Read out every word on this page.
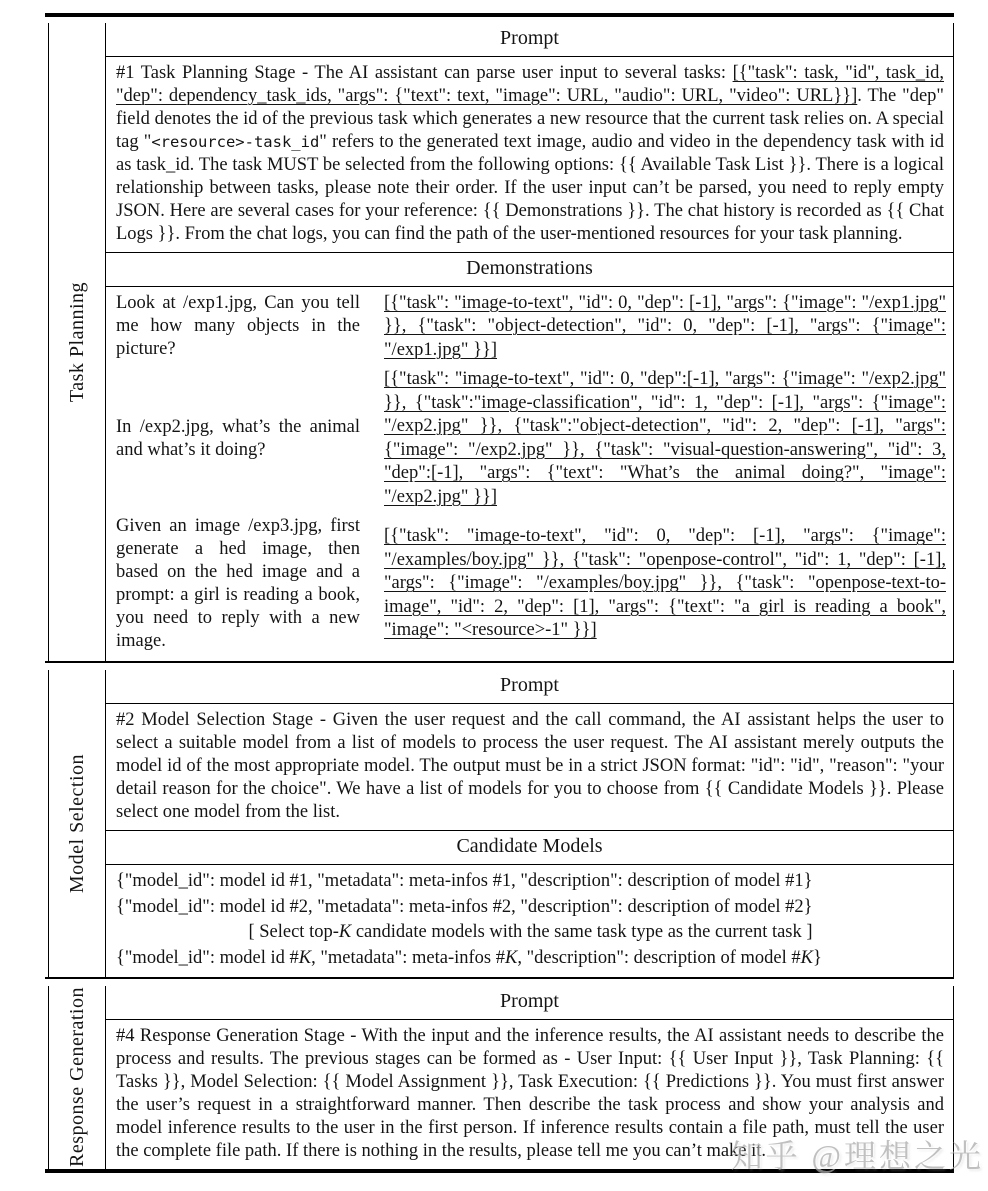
Task Planning
Prompt
#1 Task Planning Stage - The AI assistant can parse user input to several tasks: [{"task": task, "id", task_id, "dep": dependency_task_ids, "args": {"text": text, "image": URL, "audio": URL, "video": URL}}]. The "dep" field denotes the id of the previous task which generates a new resource that the current task relies on. A special tag "<resource>-task_id" refers to the generated text image, audio and video in the dependency task with id as task_id. The task MUST be selected from the following options: {{ Available Task List }}. There is a logical relationship between tasks, please note their order. If the user input can’t be parsed, you need to reply empty JSON. Here are several cases for your reference: {{ Demonstrations }}. The chat history is recorded as {{ Chat Logs }}. From the chat logs, you can find the path of the user-mentioned resources for your task planning.
Demonstrations
Look at /exp1.jpg, Can you tell me how many objects in the picture?
[{"task": "image-to-text", "id": 0, "dep": [-1], "args": {"image": "/exp1.jpg" }}, {"task": "object-detection", "id": 0, "dep": [-1], "args": {"image": "/exp1.jpg" }}]
In /exp2.jpg, what’s the animal and what’s it doing?
[{"task": "image-to-text", "id": 0, "dep":[-1], "args": {"image": "/exp2.jpg" }}, {"task":"image-classification", "id": 1, "dep": [-1], "args": {"image": "/exp2.jpg" }}, {"task":"object-detection", "id": 2, "dep": [-1], "args": {"image": "/exp2.jpg" }}, {"task": "visual-question-answering", "id": 3, "dep":[-1], "args": {"text": "What’s the animal doing?", "image": "/exp2.jpg" }}]
Given an image /exp3.jpg, first generate a hed image, then based on the hed image and a prompt: a girl is reading a book, you need to reply with a new image.
[{"task": "image-to-text", "id": 0, "dep": [-1], "args": {"image": "/examples/boy.jpg" }}, {"task": "openpose-control", "id": 1, "dep": [-1], "args": {"image": "/examples/boy.jpg" }}, {"task": "openpose-text-to-image", "id": 2, "dep": [1], "args": {"text": "a girl is reading a book", "image": "<resource>-1" }}]
Model Selection
Prompt
#2 Model Selection Stage - Given the user request and the call command, the AI assistant helps the user to select a suitable model from a list of models to process the user request. The AI assistant merely outputs the model id of the most appropriate model. The output must be in a strict JSON format: "id": "id", "reason": "your detail reason for the choice". We have a list of models for you to choose from {{ Candidate Models }}. Please select one model from the list.
Candidate Models
{"model_id": model id #1, "metadata": meta-infos #1, "description": description of model #1}
{"model_id": model id #2, "metadata": meta-infos #2, "description": description of model #2}
[ Select top-K candidate models with the same task type as the current task ]
{"model_id": model id #K, "metadata": meta-infos #K, "description": description of model #K}
Response Generation	Prompt
#4 Response Generation Stage - With the input and the inference results, the AI assistant needs to describe the process and results. The previous stages can be formed as - User Input: {{ User Input }}, Task Planning: {{ Tasks }}, Model Selection: {{ Model Assignment }}, Task Execution: {{ Predictions }}. You must first answer the user’s request in a straightforward manner. Then describe the task process and show your analysis and model inference results to the user in the first person. If inference results contain a file path, must tell the user the complete file path. If there is nothing in the results, please tell me you can’t make it.
知乎 @理想之光
